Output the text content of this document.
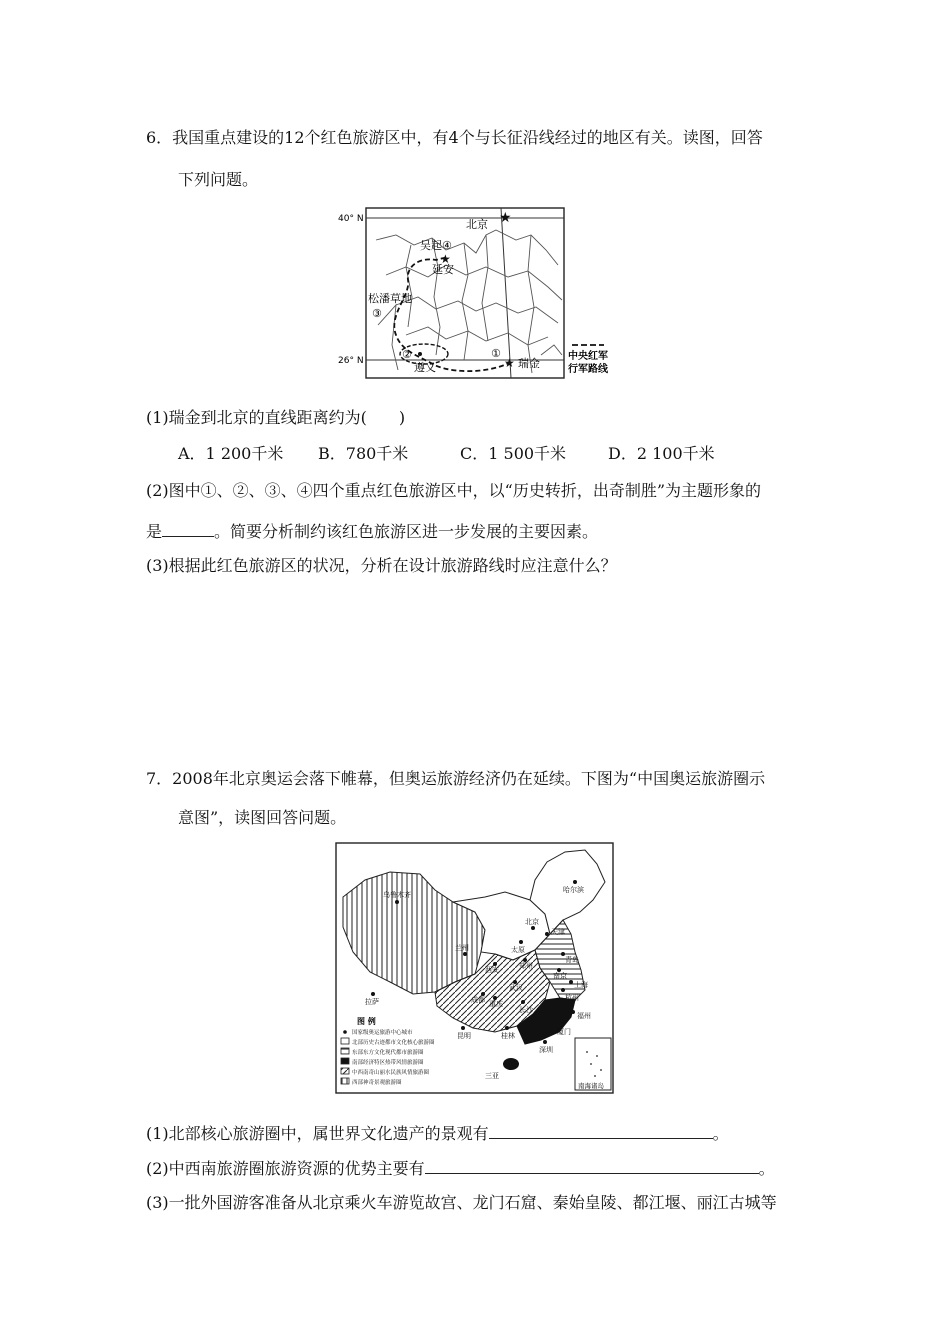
6．我国重点建设的12个红色旅游区中，有4个与长征沿线经过的地区有关。读图，回答
下列问题。
★
★
★
40° N
26° N
北京
吴起④
延安
松潘草地
③
②
遵义
①
瑞金
中央红军
行军路线
(1)瑞金到北京的直线距离约为(　　)
A．1 200千米 B．780千米	C．1 500千米	D．2 100千米
(2)图中①、②、③、④四个重点红色旅游区中，以“历史转折，出奇制胜”为主题形象的
是	。简要分析制约该红色旅游区进一步发展的主要因素。
(3)根据此红色旅游区的状况，分析在设计旅游路线时应注意什么？
7．2008年北京奥运会落下帷幕，但奥运旅游经济仍在延续。下图为“中国奥运旅游圈示
意图”，读图回答问题。
南海诸岛
哈尔滨
乌鲁木齐
北京
天津
太原
青岛
西安	郑州
南京
上海
杭州
武汉
成都 重庆
长沙
拉萨
昆明	桂林
福州
厦门
深圳
三亚
兰州
图 例
国家级奥运旅游中心城市
北部历史古迹都市文化核心旅游圈
东部东方文化现代都市旅游圈
南部经济特区热带风情旅游圈
中西南奇山丽水民族风情旅游圈
西部神奇景观旅游圈
(1)北部核心旅游圈中，属世界文化遗产的景观有	。
(2)中西南旅游圈旅游资源的优势主要有	。
(3)一批外国游客准备从北京乘火车游览故宫、龙门石窟、秦始皇陵、都江堰、丽江古城等
